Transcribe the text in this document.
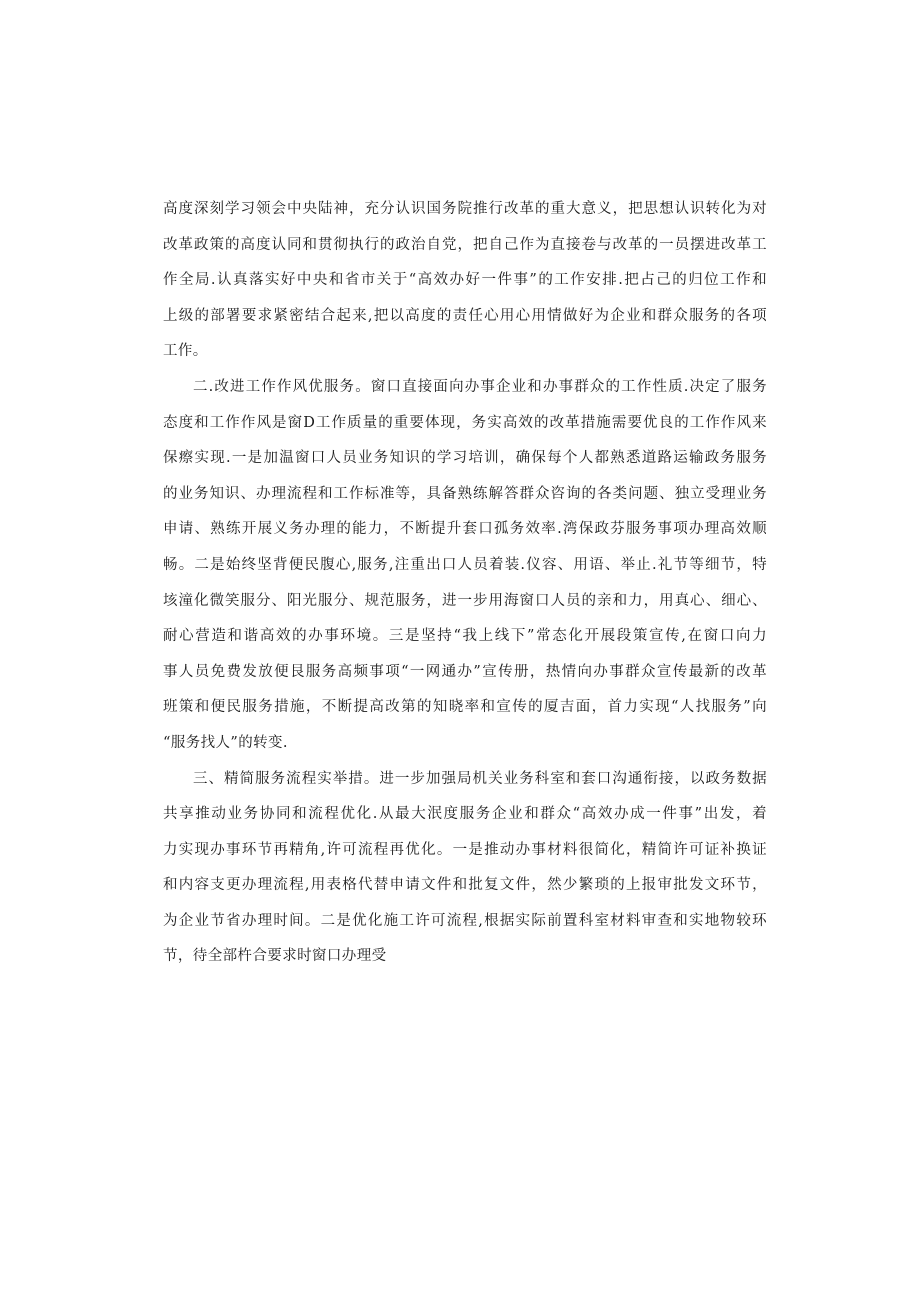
高度深刻学习领会中央陆神，充分认识国务院推行改革的重大意义，把思想认识转化为对
改革政策的高度认同和贯彻执行的政治自党，把自己作为直接卷与改革的一员摆进改革工
作全局.认真落实好中央和省市关于“高效办好一件事”的工作安排.把占己的归位工作和
上级的部署要求紧密结合起来,把以高度的责任心用心用情做好为企业和群众服务的各项
工作。
二.改进工作作风优服务。窗口直接面向办事企业和办事群众的工作性质.决定了服务
态度和工作作风是窗D工作质量的重要体现，务实高效的改革措施需要优良的工作作风来
保瘵实现.一是加温窗口人员业务知识的学习培训，确保每个人都熟悉道路运输政务服务
的业务知识、办理流程和工作标准等，具备熟练解答群众咨询的各类问题、独立受理业务
申请、熟练开展义务办理的能力，不断提升套口孤务效率.湾保政芬服务事项办理高效顺
畅。二是始终坚背便民腹心,服务,注重出口人员着装.仪容、用语、举止.礼节等细节，特
垓潼化微笑服分、阳光服分、规范服务，进一步用海窗口人员的亲和力，用真心、细心、
耐心营造和谐高效的办事环境。三是坚持“我上线下”常态化开展段策宣传,在窗口向力
事人员免费发放便艮服务高频事项“一网通办”宣传册，热情向办事群众宣传最新的改革
班策和便民服务措施，不断提高改第的知晓率和宣传的厦吉面，首力实现“人找服务”向
“服务找人”的转变.
三、精简服务流程实举措。进一步加强局机关业务科室和套口沟通衔接，以政务数据
共享推动业务协同和流程优化.从最大泯度服务企业和群众“高效办成一件事”出发，着
力实现办事环节再精角,许可流程再优化。一是推动办事材料很简化，精简许可证补换证
和内容支更办理流程,用表格代替申请文件和批复文件，然少繁琐的上报审批发文环节，
为企业节省办理时间。二是优化施工许可流程,根据实际前置科室材料审查和实地物较环
节，待全部杵合要求时窗口办理受
